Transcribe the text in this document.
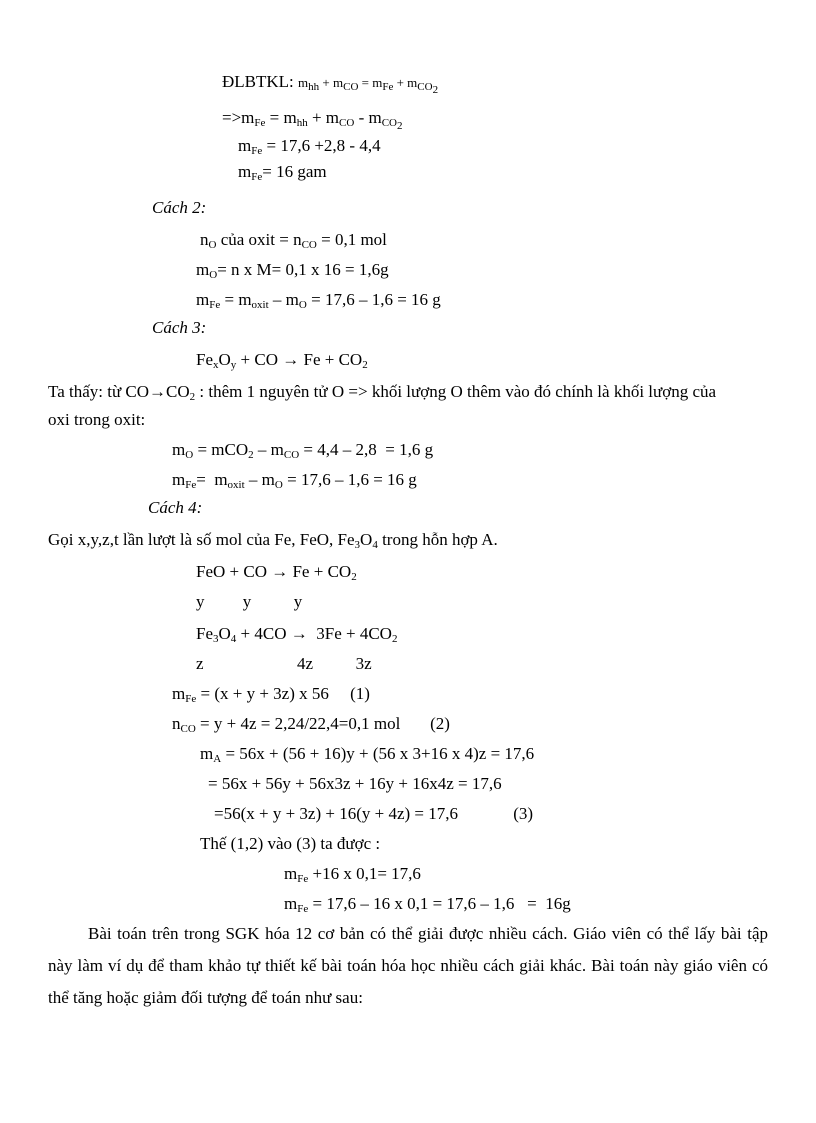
ĐLBTKL: $m_{hh} + m_{CO} = m_{Fe} + m_{CO_2}$
$=>m_{Fe} = m_{hh} + m_{CO} - m_{CO_2}$
$m_{Fe} = 17,6 +2,8 - 4,4$
$m_{Fe}= 16$ gam
Cách 2:
$n_O$ của oxit = $n_{CO} = 0,1$ mol
$m_O= n$ x M= 0,1 x 16 = 1,6g
$m_{Fe} = m_{oxit} - m_O = 17,6 - 1,6 = 16$ g
Cách 3:
$Fe_xO_y$ + CO → $Fe + CO_2$
Ta thấy: từ $CO\to CO_2$ : thêm 1 nguyên tử O => khối lượng O thêm vào đó chính là khối lượng của
oxi trong oxit:
$m_O = mCO_2 - m_{CO} = 4,4 - 2,8 = 1,6$ g
$m_{Fe}= m_{oxit} - m_O = 17,6 - 1,6 = 16$ g
Cách 4:
Gọi x,y,z,t lần lượt là số mol của Fe, FeO, $Fe_3O_4$ trong hỗn hợp A.
FeO + CO → $Fe + CO_2$
y         y          y
$Fe_3O_4 + 4CO \to 3Fe + 4CO_2$
z                      4z          3z
$m_{Fe} = (x + y + 3z)$ x 56     (1)
$n_{CO} = y + 4z = 2,24/22,4=0,1$ mol       (2)
$m_A = 56x + (56 + 16)y + (56$ x 3+16 x 4)z = 17,6
= 56x + 56y + 56x3z + 16y + 16x4z = 17,6
=56(x + y + 3z) + 16(y + 4z) = 17,6             (3)
Thế (1,2) vào (3) ta được :
$m_{Fe} +16$ x 0,1= 17,6
$m_{Fe} = 17,6 - 16$ x 0,1 = 17,6 – 1,6   =  16g
Bài toán trên trong SGK hóa 12 cơ bản có thể giải được nhiều cách. Giáo viên có thể lấy bài tập này làm ví dụ để tham khảo tự thiết kế bài toán hóa học nhiều cách giải khác. Bài toán này giáo viên có thể tăng hoặc giảm đối tượng để toán như sau:
